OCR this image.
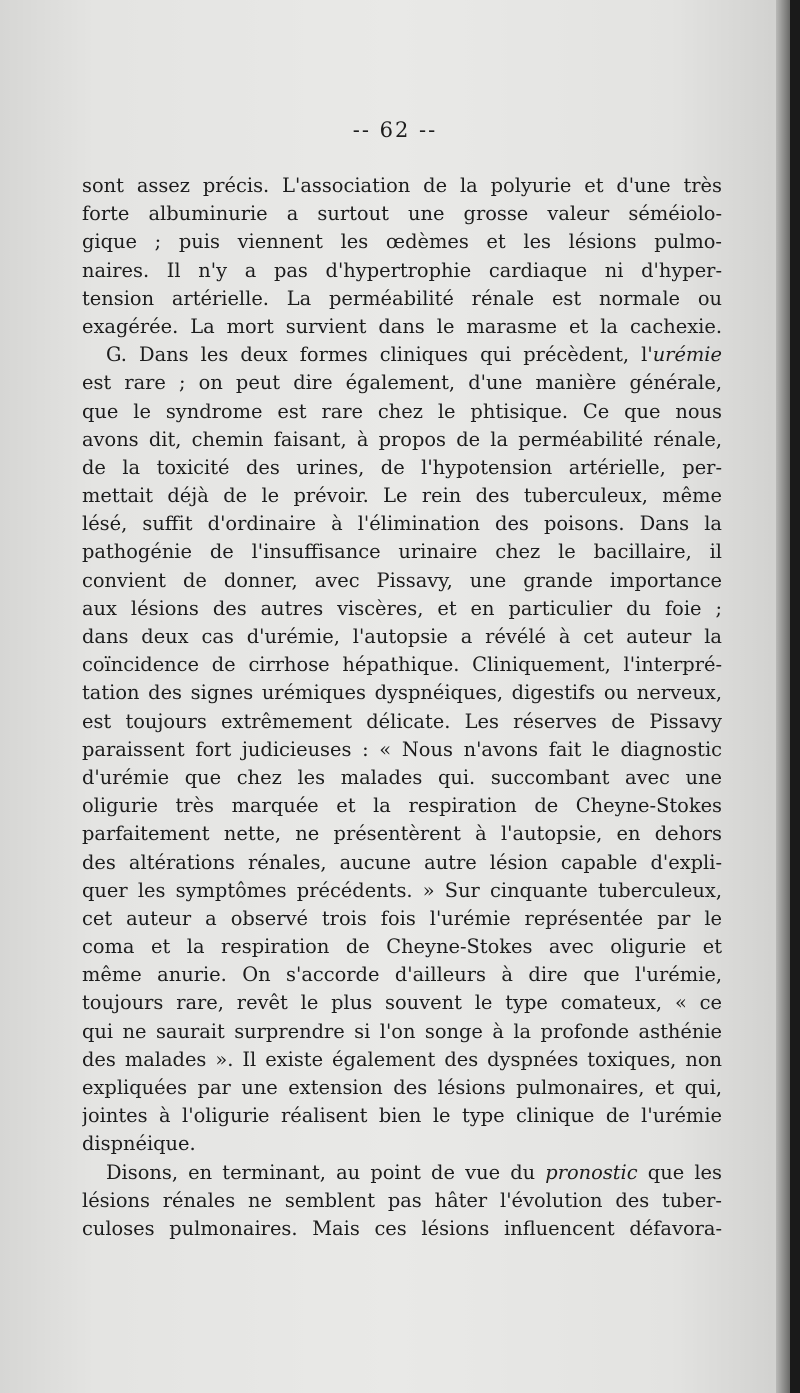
-- 62 --
sont assez précis. L'association de la polyurie et d'une très
forte albuminurie a surtout une grosse valeur séméiolo-
gique ; puis viennent les œdèmes et les lésions pulmo-
naires. Il n'y a pas d'hypertrophie cardiaque ni d'hyper-
tension artérielle. La perméabilité rénale est normale ou
exagérée. La mort survient dans le marasme et la cachexie.
G. Dans les deux formes cliniques qui précèdent, l'urémie
est rare ; on peut dire également, d'une manière générale,
que le syndrome est rare chez le phtisique. Ce que nous
avons dit, chemin faisant, à propos de la perméabilité rénale,
de la toxicité des urines, de l'hypotension artérielle, per-
mettait déjà de le prévoir. Le rein des tuberculeux, même
lésé, suffit d'ordinaire à l'élimination des poisons. Dans la
pathogénie de l'insuffisance urinaire chez le bacillaire, il
convient de donner, avec Pissavy, une grande importance
aux lésions des autres viscères, et en particulier du foie ;
dans deux cas d'urémie, l'autopsie a révélé à cet auteur la
coïncidence de cirrhose hépathique. Cliniquement, l'interpré-
tation des signes urémiques dyspnéiques, digestifs ou nerveux,
est toujours extrêmement délicate. Les réserves de Pissavy
paraissent fort judicieuses : « Nous n'avons fait le diagnostic
d'urémie que chez les malades qui. succombant avec une
oligurie très marquée et la respiration de Cheyne-Stokes
parfaitement nette, ne présentèrent à l'autopsie, en dehors
des altérations rénales, aucune autre lésion capable d'expli-
quer les symptômes précédents. » Sur cinquante tuberculeux,
cet auteur a observé trois fois l'urémie représentée par le
coma et la respiration de Cheyne-Stokes avec oligurie et
même anurie. On s'accorde d'ailleurs à dire que l'urémie,
toujours rare, revêt le plus souvent le type comateux, « ce
qui ne saurait surprendre si l'on songe à la profonde asthénie
des malades ». Il existe également des dyspnées toxiques, non
expliquées par une extension des lésions pulmonaires, et qui,
jointes à l'oligurie réalisent bien le type clinique de l'urémie
dispnéique.
Disons, en terminant, au point de vue du pronostic que les
lésions rénales ne semblent pas hâter l'évolution des tuber-
culoses pulmonaires. Mais ces lésions influencent défavora-
